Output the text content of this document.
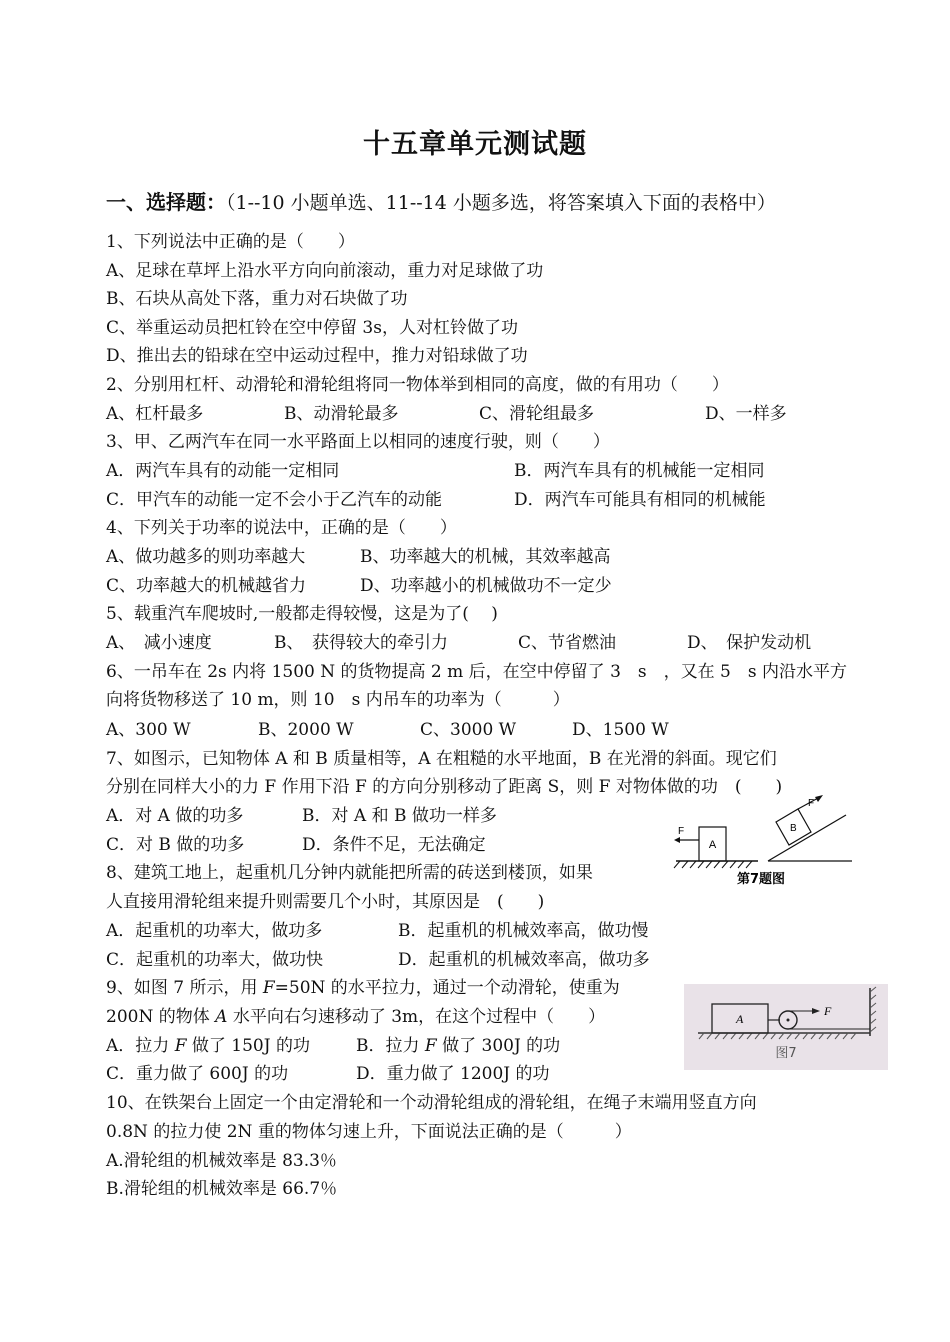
十五章单元测试题
一、选择题：（1--10 小题单选、11--14 小题多选，将答案填入下面的表格中）
1、下列说法中正确的是（　　）
A、足球在草坪上沿水平方向向前滚动，重力对足球做了功
B、石块从高处下落，重力对石块做了功
C、举重运动员把杠铃在空中停留 3s，人对杠铃做了功
D、推出去的铅球在空中运动过程中，推力对铅球做了功
2、分别用杠杆、动滑轮和滑轮组将同一物体举到相同的高度，做的有用功（　　）
A、杠杆最多	B、动滑轮最多	C、滑轮组最多	D、一样多
3、甲、乙两汽车在同一水平路面上以相同的速度行驶，则（　　）
A．两汽车具有的动能一定相同	B．两汽车具有的机械能一定相同
C．甲汽车的动能一定不会小于乙汽车的动能	D．两汽车可能具有相同的机械能
4、下列关于功率的说法中，正确的是（　　）
A、做功越多的则功率越大	B、功率越大的机械，其效率越高
C、功率越大的机械越省力	D、功率越小的机械做功不一定少
5、载重汽车爬坡时,一般都走得较慢，这是为了(　 )
A、　减小速度	B、　获得较大的牵引力	C、节省燃油	D、　保护发动机
6、一吊车在 2s 内将 1500 N 的货物提高 2 m 后，在空中停留了 3　s　，又在 5　s 内沿水平方
向将货物移送了 10 m，则 10　s 内吊车的功率为（　　　）
A、300 W	B、2000 W	C、3000 W	D、1500 W
7、如图示，已知物体 A 和 B 质量相等，A 在粗糙的水平地面，B 在光滑的斜面。现它们
分别在同样大小的力 F 作用下沿 F 的方向分别移动了距离 S，则 F 对物体做的功　(　　)
A．对 A 做的功多	B．对 A 和 B 做功一样多
C．对 B 做的功多	D．条件不足，无法确定	A
F	B
F
第7题图
8、建筑工地上，起重机几分钟内就能把所需的砖送到楼顶，如果
人直接用滑轮组来提升则需要几个小时，其原因是　(　　)
A．起重机的功率大，做功多	B．起重机的机械效率高，做功慢
C．起重机的功率大，做功快	D．起重机的机械效率高，做功多
9、如图 7 所示，用 F=50N 的水平拉力，通过一个动滑轮，使重为
200N 的物体 A 水平向右匀速移动了 3m，在这个过程中（　　）
A．拉力 F 做了 150J 的功	B．拉力 F 做了 300J 的功
C．重力做了 600J 的功	D．重力做了 1200J 的功
A
F
图7
10、在铁架台上固定一个由定滑轮和一个动滑轮组成的滑轮组，在绳子末端用竖直方向
0.8N 的拉力使 2N 重的物体匀速上升，下面说法正确的是（　　　）
A.滑轮组的机械效率是 83.3％
B.滑轮组的机械效率是 66.7％
